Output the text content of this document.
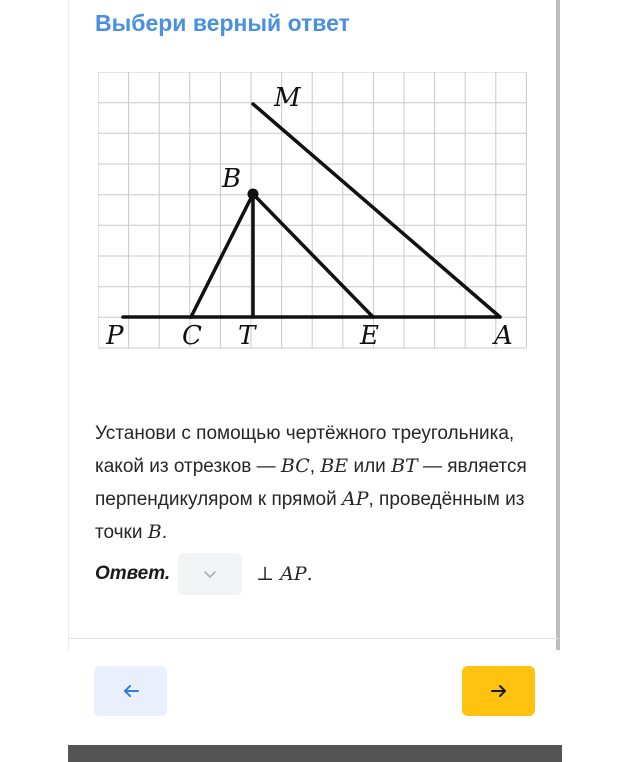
Выбери верный ответ
M
B
P C T	E	A
Установи с помощью чертёжного треугольника, какой из отрезков — BC, BE или BT — является перпендикуляром к прямой AP, проведённым из точки B.
Ответ.	⊥ AP.
